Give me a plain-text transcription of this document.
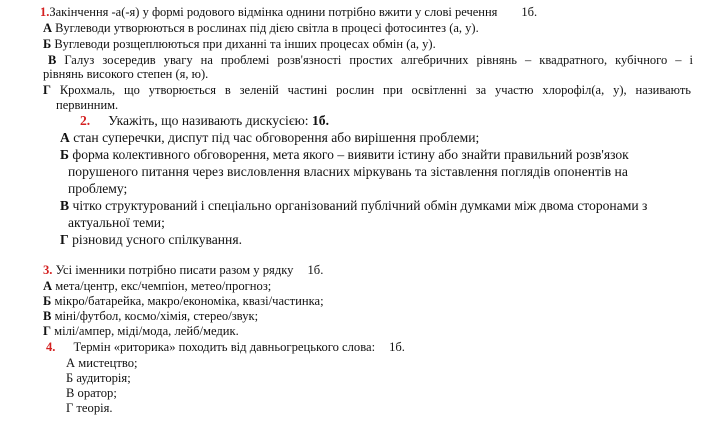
1.Закінчення -а(-я) у формі родового відмінка однини потрібно вжити у слові речення 1б.
А Вуглеводи утворюються в рослинах під дією світла в процесі фотосинтез (а, у).
Б Вуглеводи розщеплюються при диханні та інших процесах обмін (а, у).
В Галуз зосередив увагу на проблемі розв'язності простих алгебричних рівнянь – квадратного, кубічного – і
рівнянь високого степен (я, ю).
Г Крохмаль, що утворюється в зеленій частині рослин при освітленні за участю хлорофіл(а, у), називають
первинним.
2. Укажіть, що називають дискусією: 1б.
А стан суперечки, диспут під час обговорення або вирішення проблеми;
Б форма колективного обговорення, мета якого – виявити істину або знайти правильний розв'язок
порушеного питання через висловлення власних міркувань та зіставлення поглядів опонентів на
проблему;
В чітко структурований і спеціально організований публічний обмін думками між двома сторонами з
актуальної теми;
Г різновид усного спілкування.
3. Усі іменники потрібно писати разом у рядку 1б.
А мета/центр, екс/чемпіон, метео/прогноз;
Б мікро/батарейка, макро/економіка, квазі/частинка;
В міні/футбол, космо/хімія, стерео/звук;
Г мілі/ампер, міді/мода, лейб/медик.
4. Термін «риторика» походить від давньогрецького слова: 1б.
А мистецтво;
Б аудиторія;
В оратор;
Г теорія.
